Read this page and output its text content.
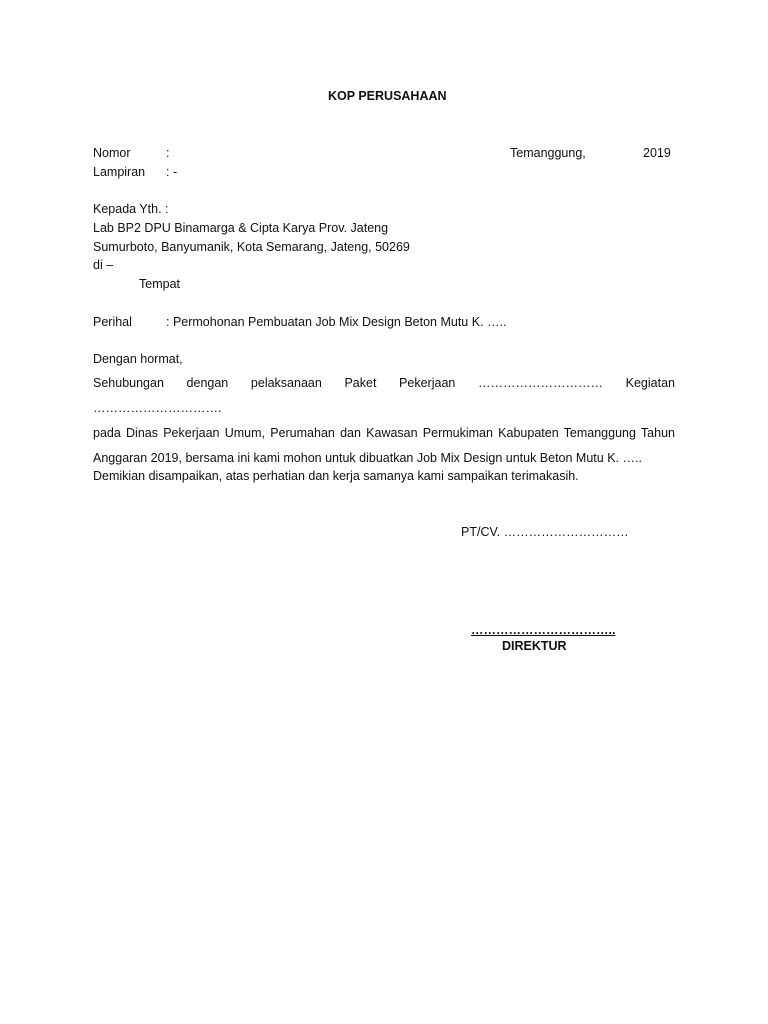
KOP PERUSAHAAN
Nomor	:	Temanggung,	2019
Lampiran : -
Kepada Yth. :
Lab BP2 DPU Binamarga & Cipta Karya Prov. Jateng
Sumurboto, Banyumanik, Kota Semarang, Jateng, 50269
di –
Tempat
Perihal	: Permohonan Pembuatan Job Mix Design Beton Mutu K. …..
Dengan hormat,
Sehubungan dengan pelaksanaan Paket Pekerjaan ………………………… Kegiatan ………………………….
pada Dinas Pekerjaan Umum, Perumahan dan Kawasan Permukiman Kabupaten Temanggung Tahun
Anggaran 2019, bersama ini kami mohon untuk dibuatkan Job Mix Design untuk Beton Mutu K. …..
Demikian disampaikan, atas perhatian dan kerja samanya kami sampaikan terimakasih.
PT/CV. …………………………
……………………………..
DIREKTUR
